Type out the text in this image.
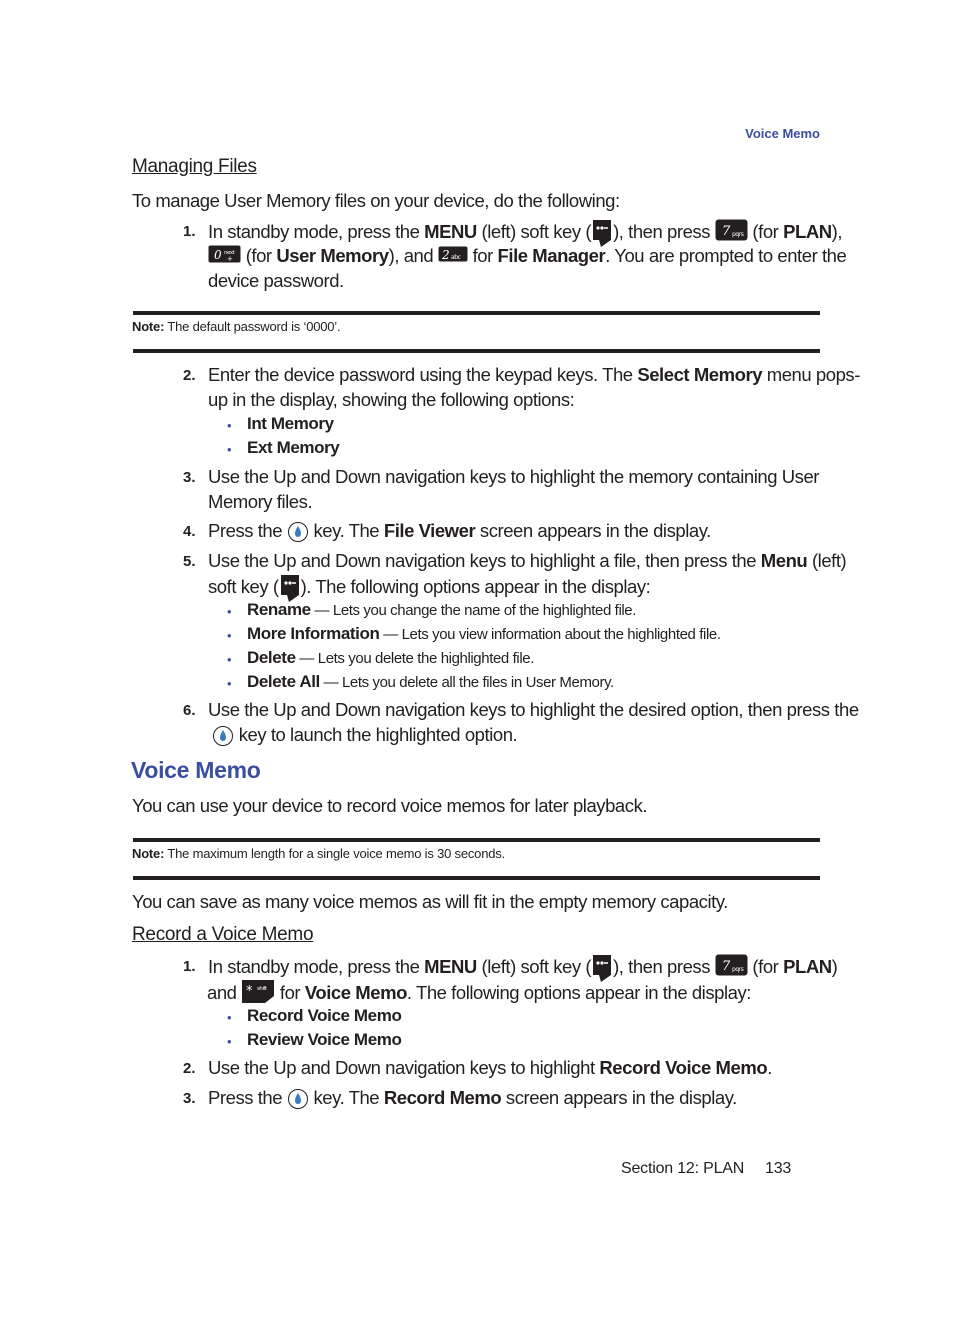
Voice Memo
Managing Files
To manage User Memory files on your device, do the following:
1. In standby mode, press the MENU (left) soft key ( ), then press 7 pqrs (for PLAN),
0 next
+ (for User Memory), and 2 abc for File Manager. You are prompted to enter the
device password.
Note: The default password is ‘0000’.
2. Enter the device password using the keypad keys. The Select Memory menu pops-
up in the display, showing the following options:
• Int Memory
• Ext Memory
3. Use the Up and Down navigation keys to highlight the memory containing User
Memory files.
4. Press the  key. The File Viewer screen appears in the display.
5. Use the Up and Down navigation keys to highlight a file, then press the Menu (left)
soft key ( ). The following options appear in the display:
• Rename — Lets you change the name of the highlighted file.
• More Information — Lets you view information about the highlighted file.
• Delete — Lets you delete the highlighted file.
• Delete All — Lets you delete all the files in User Memory.
6. Use the Up and Down navigation keys to highlight the desired option, then press the
key to launch the highlighted option.
Voice Memo
You can use your device to record voice memos for later playback.
Note: The maximum length for a single voice memo is 30 seconds.
You can save as many voice memos as will fit in the empty memory capacity.
Record a Voice Memo
1. In standby mode, press the MENU (left) soft key ( ), then press 7 pqrs (for PLAN)
and * shift for Voice Memo. The following options appear in the display:
• Record Voice Memo
• Review Voice Memo
2. Use the Up and Down navigation keys to highlight Record Voice Memo.
3. Press the  key. The Record Memo screen appears in the display.
Section 12: PLAN 133
